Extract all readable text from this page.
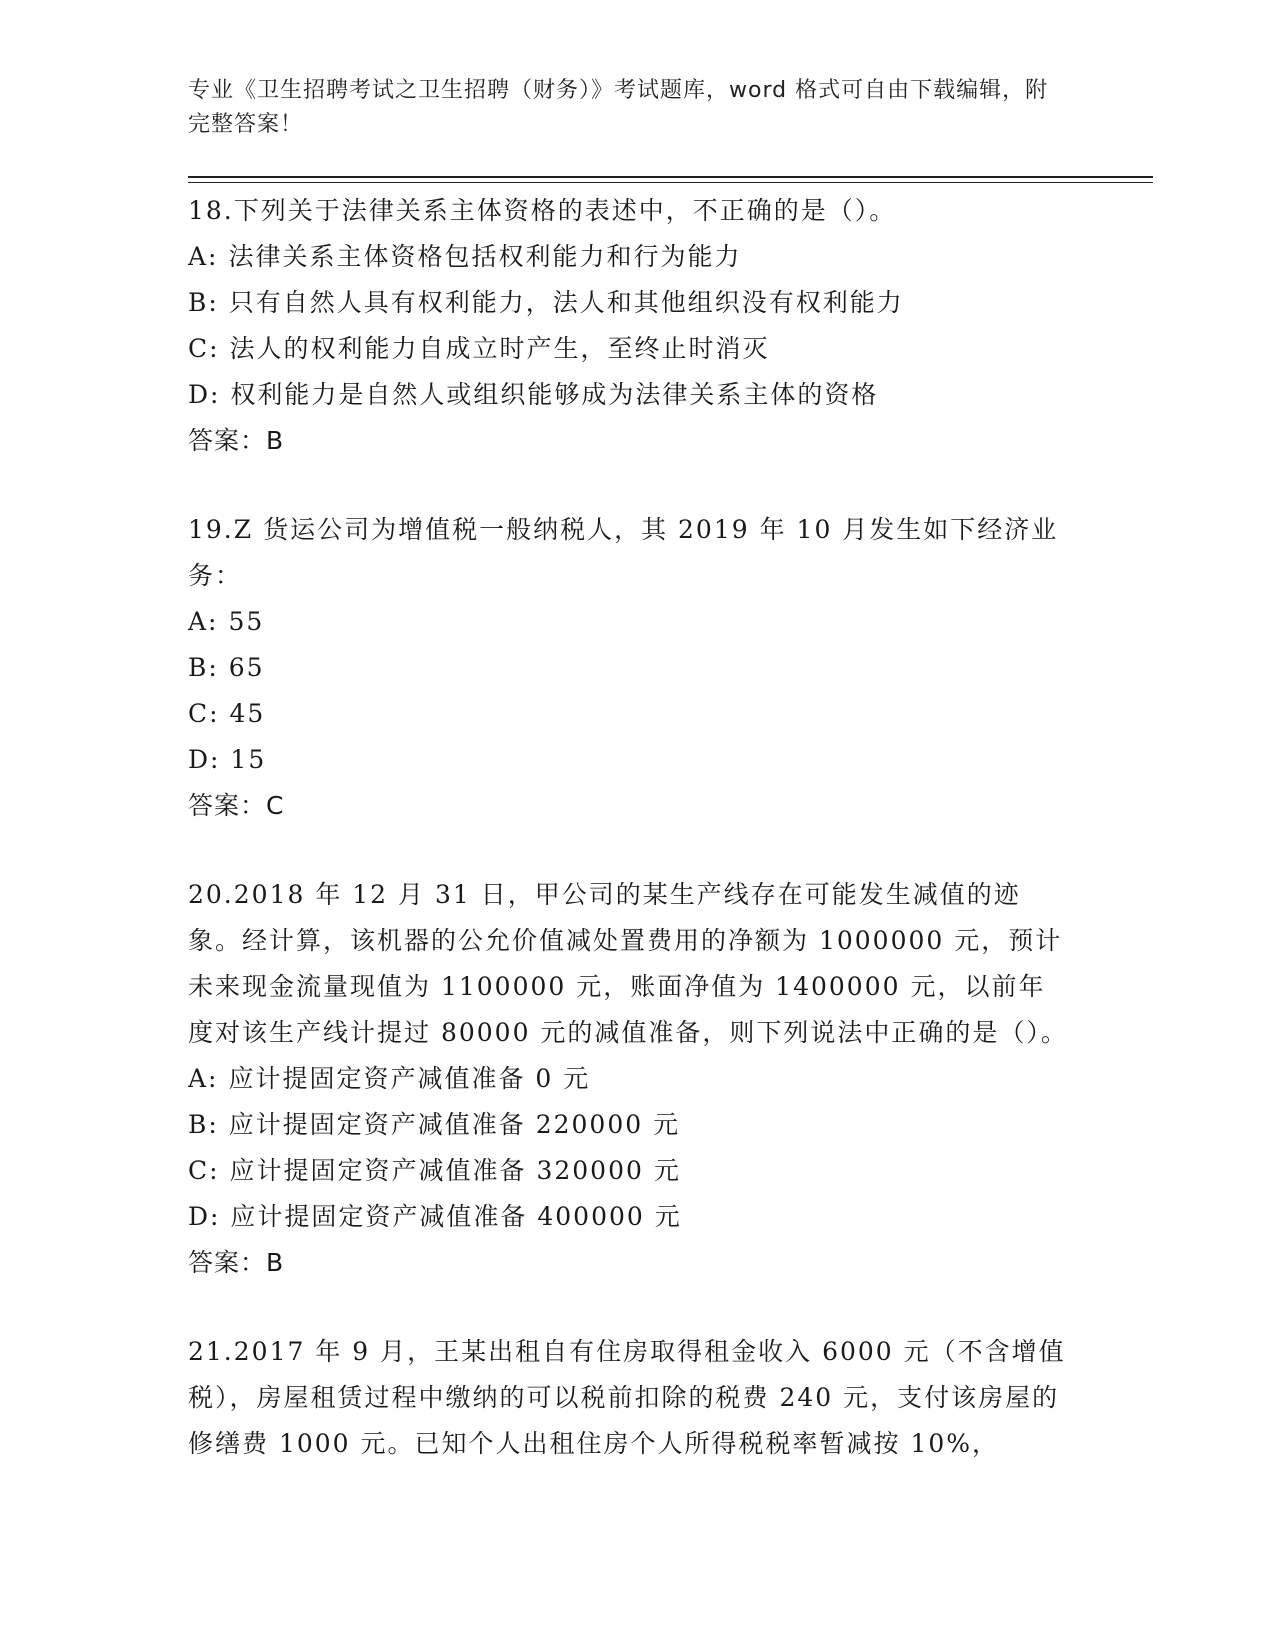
专业《卫生招聘考试之卫生招聘（财务）》考试题库，word 格式可自由下载编辑，附完整答案！

18.下列关于法律关系主体资格的表述中，不正确的是（）。

A: 法律关系主体资格包括权利能力和行为能力

B: 只有自然人具有权利能力，法人和其他组织没有权利能力

C: 法人的权利能力自成立时产生，至终止时消灭

D: 权利能力是自然人或组织能够成为法律关系主体的资格

答案：B

19.Z 货运公司为增值税一般纳税人，其 2019 年 10 月发生如下经济业务：

A: 55

B: 65

C: 45

D: 15

答案：C

20.2018 年 12 月 31 日，甲公司的某生产线存在可能发生减值的迹象。经计算，该机器的公允价值减处置费用的净额为 1000000 元，预计未来现金流量现值为 1100000 元，账面净值为 1400000 元，以前年度对该生产线计提过 80000 元的减值准备，则下列说法中正确的是（）。

A: 应计提固定资产减值准备 0 元

B: 应计提固定资产减值准备 220000 元

C: 应计提固定资产减值准备 320000 元

D: 应计提固定资产减值准备 400000 元

答案：B

21.2017 年 9 月，王某出租自有住房取得租金收入 6000 元（不含增值税），房屋租赁过程中缴纳的可以税前扣除的税费 240 元，支付该房屋的修缮费 1000 元。已知个人出租住房个人所得税税率暂减按 10%，
